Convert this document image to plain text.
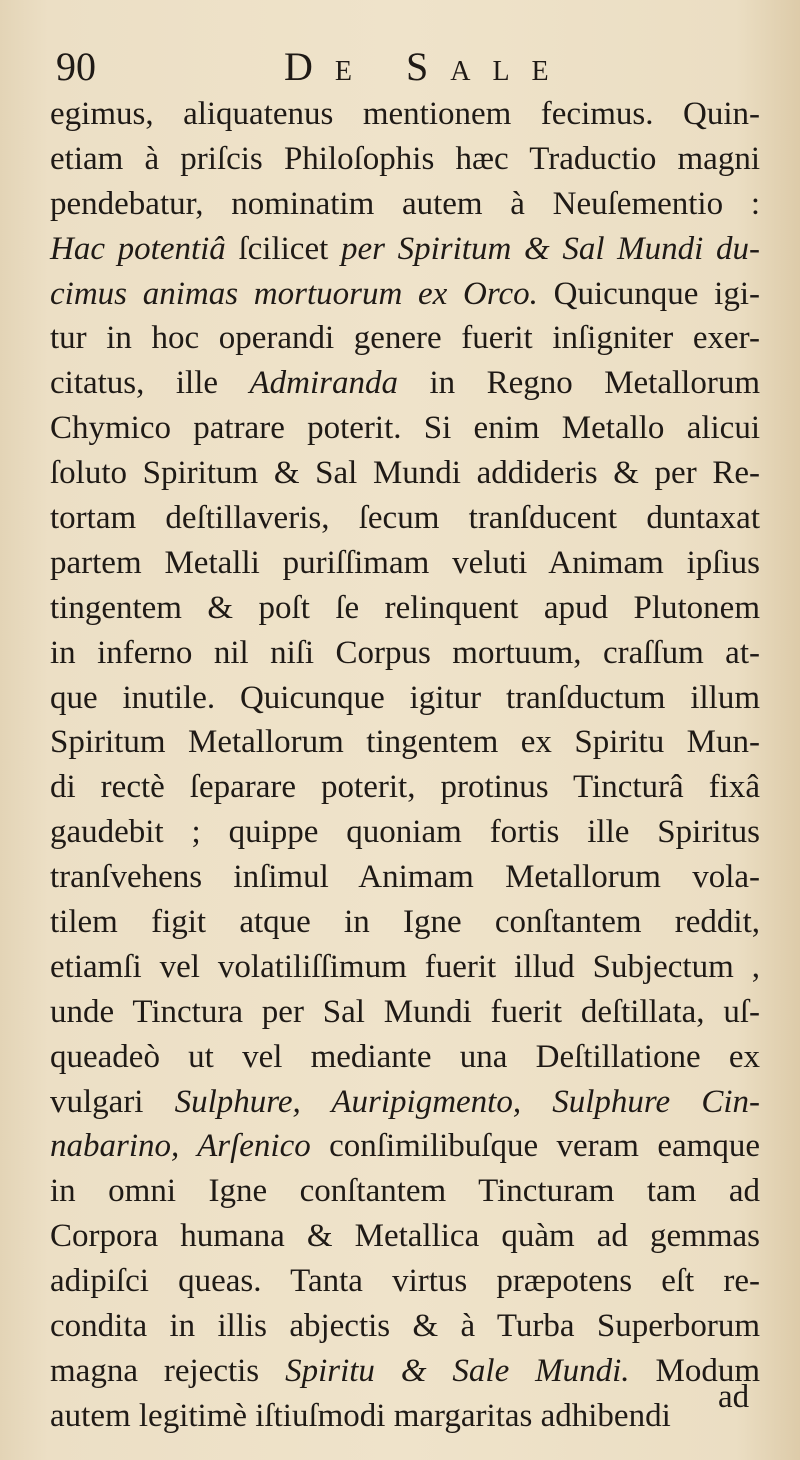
90	De Sale
egimus, aliquatenus mentionem fecimus. Quin-
etiam à priſcis Philoſophis hæc Traductio magni
pendebatur, nominatim autem à Neuſementio :
Hac potentiâ ſcilicet per Spiritum & Sal Mundi du-
cimus animas mortuorum ex Orco. Quicunque igi-
tur in hoc operandi genere fuerit inſigniter exer-
citatus, ille Admiranda in Regno Metallorum
Chymico patrare poterit. Si enim Metallo alicui
ſoluto Spiritum & Sal Mundi addideris & per Re-
tortam deſtillaveris, ſecum tranſducent duntaxat
partem Metalli puriſſimam veluti Animam ipſius
tingentem & poſt ſe relinquent apud Plutonem
in inferno nil niſi Corpus mortuum, craſſum at-
que inutile. Quicunque igitur tranſductum illum
Spiritum Metallorum tingentem ex Spiritu Mun-
di rectè ſeparare poterit, protinus Tincturâ fixâ
gaudebit ; quippe quoniam fortis ille Spiritus
tranſvehens inſimul Animam Metallorum vola-
tilem figit atque in Igne conſtantem reddit,
etiamſi vel volatiliſſimum fuerit illud Subjectum ,
unde Tinctura per Sal Mundi fuerit deſtillata, uſ-
queadeò ut vel mediante una Deſtillatione ex
vulgari Sulphure, Auripigmento, Sulphure Cin-
nabarino, Arſenico conſimilibuſque veram eamque
in omni Igne conſtantem Tincturam tam ad
Corpora humana & Metallica quàm ad gemmas
adipiſci queas. Tanta virtus præpotens eſt re-
condita in illis abjectis & à Turba Superborum
magna rejectis Spiritu & Sale Mundi. Modum
autem legitimè iſtiuſmodi margaritas adhibendi
ad
